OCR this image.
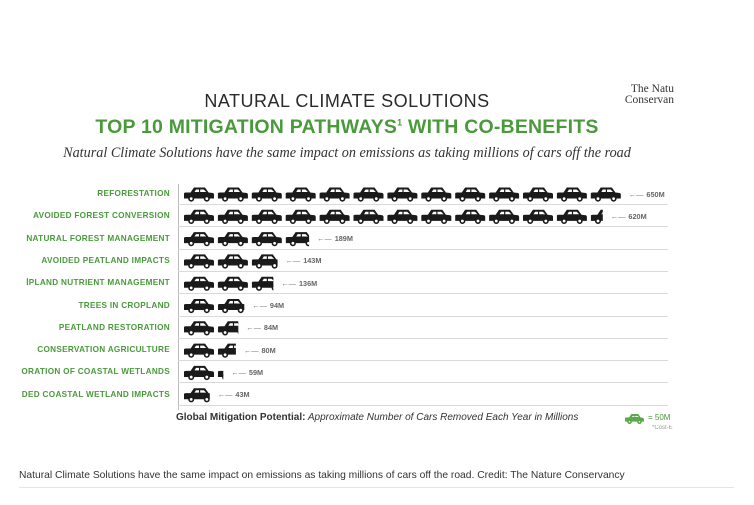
NATURAL CLIMATE SOLUTIONS
TOP 10 MITIGATION PATHWAYS$^1$ WITH CO-BENEFITS
Natural Climate Solutions have the same impact on emissions as taking millions of cars off the road
The Natu
Conservan
REFORESTATION	←— 650M
AVOIDED FOREST CONVERSION	←— 620M
NATURAL FOREST MANAGEMENT	←— 189M
AVOIDED PEATLAND IMPACTS	←— 143M
İPLAND NUTRIENT MANAGEMENT	←— 136M
TREES IN CROPLAND	←— 94M
PEATLAND RESTORATION	←— 84M
CONSERVATION AGRICULTURE	←— 80M
ORATION OF COASTAL WETLANDS	←— 59M
DED COASTAL WETLAND IMPACTS	←— 43M
Global Mitigation Potential: Approximate Number of Cars Removed Each Year in Millions	= 50M
*Cost-E
Natural Climate Solutions have the same impact on emissions as taking millions of cars off the road. Credit: The Nature Conservancy
